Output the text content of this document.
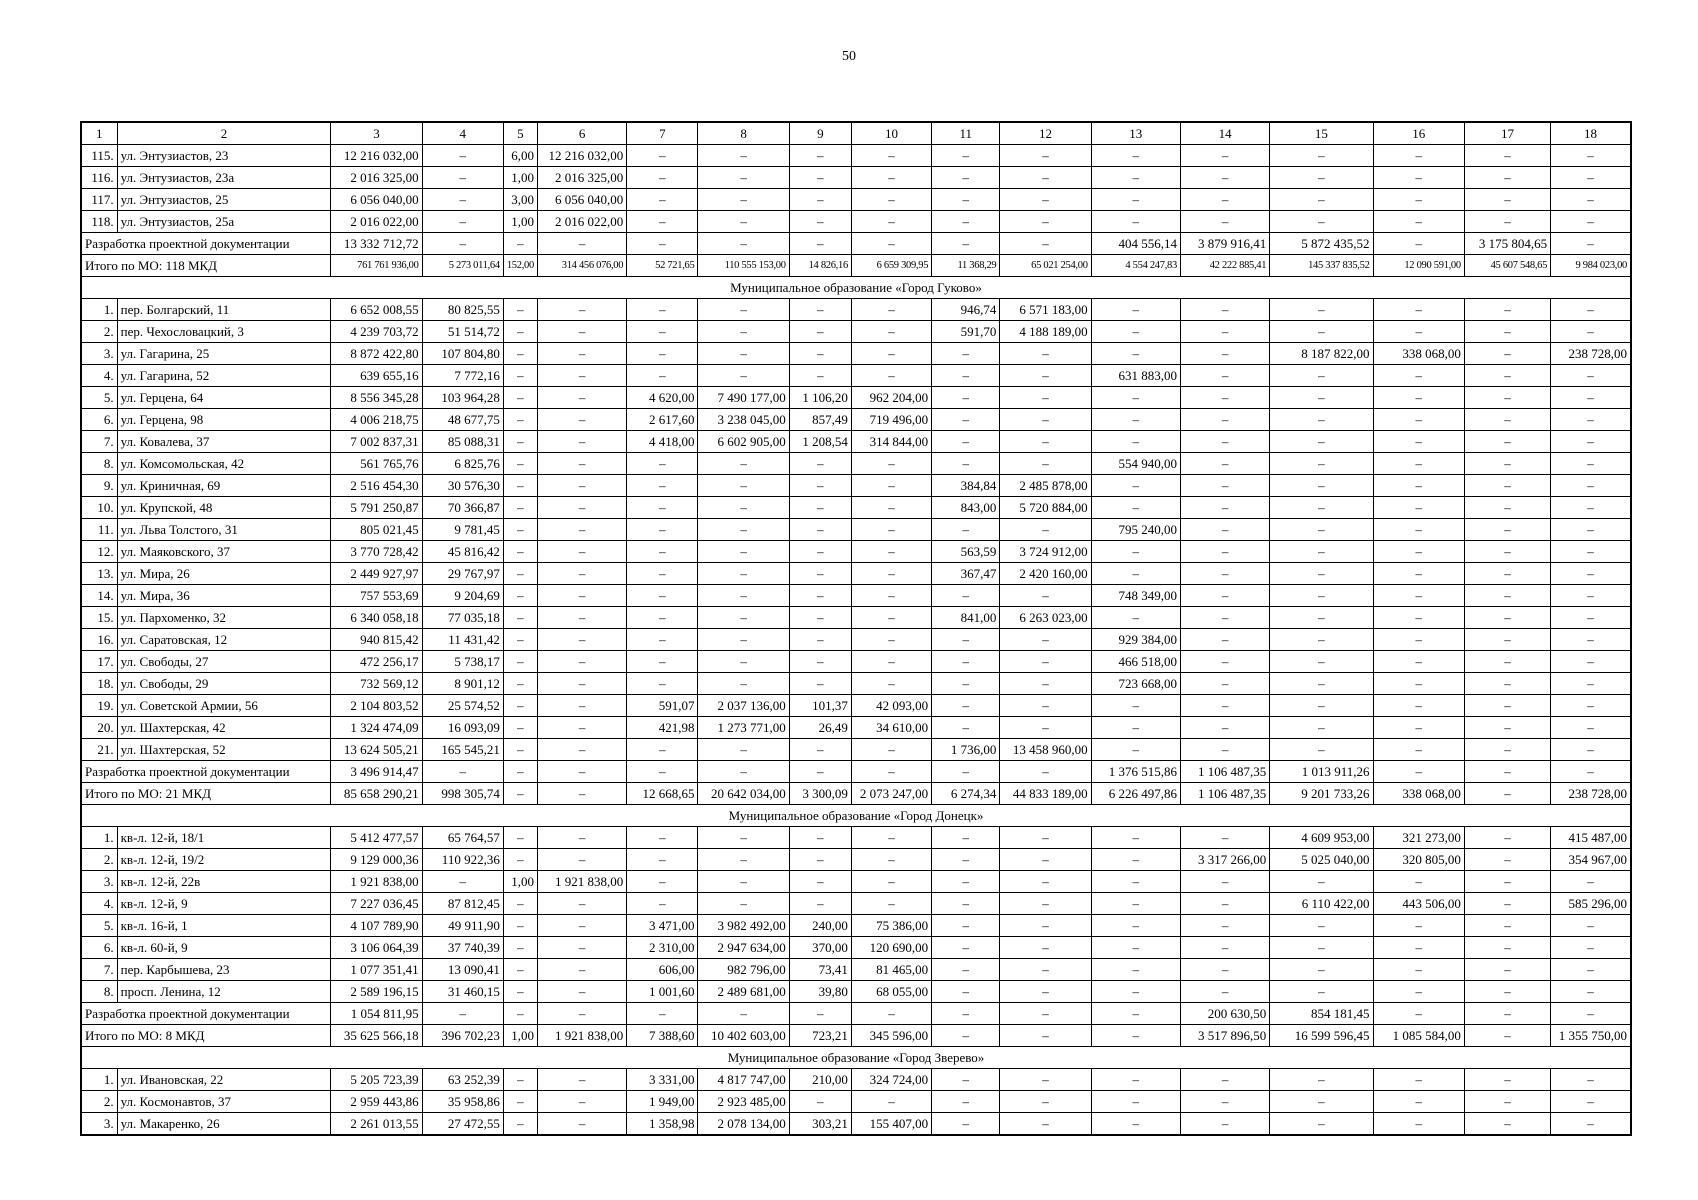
50
1	2	3	4	5	6	7	8	9	10	11	12	13	14	15	16	17	18
115.	ул. Энтузиастов, 23	12 216 032,00	–	6,00	12 216 032,00	–	–	–	–	–	–	–	–	–	–	–	–
116.	ул. Энтузиастов, 23а	2 016 325,00	–	1,00	2 016 325,00	–	–	–	–	–	–	–	–	–	–	–	–
117.	ул. Энтузиастов, 25	6 056 040,00	–	3,00	6 056 040,00	–	–	–	–	–	–	–	–	–	–	–	–
118.	ул. Энтузиастов, 25а	2 016 022,00	–	1,00	2 016 022,00	–	–	–	–	–	–	–	–	–	–	–	–
Разработка проектной документации		13 332 712,72	–	–	–	–	–	–	–	–	–	404 556,14	3 879 916,41	5 872 435,52	–	3 175 804,65	–
Итого по МО: 118 МКД		761 761 936,00	5 273 011,64	152,00	314 456 076,00	52 721,65	110 555 153,00	14 826,16	6 659 309,95	11 368,29	65 021 254,00	4 554 247,83	42 222 885,41	145 337 835,52	12 090 591,00	45 607 548,65	9 984 023,00
Муниципальное образование «Город Гуково»																	
1.	пер. Болгарский, 11	6 652 008,55	80 825,55	–	–	–	–	–	–	946,74	6 571 183,00	–	–	–	–	–	–
2.	пер. Чехословацкий, 3	4 239 703,72	51 514,72	–	–	–	–	–	–	591,70	4 188 189,00	–	–	–	–	–	–
3.	ул. Гагарина, 25	8 872 422,80	107 804,80	–	–	–	–	–	–	–	–	–	–	8 187 822,00	338 068,00	–	238 728,00
4.	ул. Гагарина, 52	639 655,16	7 772,16	–	–	–	–	–	–	–	–	631 883,00	–	–	–	–	–
5.	ул. Герцена, 64	8 556 345,28	103 964,28	–	–	4 620,00	7 490 177,00	1 106,20	962 204,00	–	–	–	–	–	–	–	–
6.	ул. Герцена, 98	4 006 218,75	48 677,75	–	–	2 617,60	3 238 045,00	857,49	719 496,00	–	–	–	–	–	–	–	–
7.	ул. Ковалева, 37	7 002 837,31	85 088,31	–	–	4 418,00	6 602 905,00	1 208,54	314 844,00	–	–	–	–	–	–	–	–
8.	ул. Комсомольская, 42	561 765,76	6 825,76	–	–	–	–	–	–	–	–	554 940,00	–	–	–	–	–
9.	ул. Криничная, 69	2 516 454,30	30 576,30	–	–	–	–	–	–	384,84	2 485 878,00	–	–	–	–	–	–
10.	ул. Крупской, 48	5 791 250,87	70 366,87	–	–	–	–	–	–	843,00	5 720 884,00	–	–	–	–	–	–
11.	ул. Льва Толстого, 31	805 021,45	9 781,45	–	–	–	–	–	–	–	–	795 240,00	–	–	–	–	–
12.	ул. Маяковского, 37	3 770 728,42	45 816,42	–	–	–	–	–	–	563,59	3 724 912,00	–	–	–	–	–	–
13.	ул. Мира, 26	2 449 927,97	29 767,97	–	–	–	–	–	–	367,47	2 420 160,00	–	–	–	–	–	–
14.	ул. Мира, 36	757 553,69	9 204,69	–	–	–	–	–	–	–	–	748 349,00	–	–	–	–	–
15.	ул. Пархоменко, 32	6 340 058,18	77 035,18	–	–	–	–	–	–	841,00	6 263 023,00	–	–	–	–	–	–
16.	ул. Саратовская, 12	940 815,42	11 431,42	–	–	–	–	–	–	–	–	929 384,00	–	–	–	–	–
17.	ул. Свободы, 27	472 256,17	5 738,17	–	–	–	–	–	–	–	–	466 518,00	–	–	–	–	–
18.	ул. Свободы, 29	732 569,12	8 901,12	–	–	–	–	–	–	–	–	723 668,00	–	–	–	–	–
19.	ул. Советской Армии, 56	2 104 803,52	25 574,52	–	–	591,07	2 037 136,00	101,37	42 093,00	–	–	–	–	–	–	–	–
20.	ул. Шахтерская, 42	1 324 474,09	16 093,09	–	–	421,98	1 273 771,00	26,49	34 610,00	–	–	–	–	–	–	–	–
21.	ул. Шахтерская, 52	13 624 505,21	165 545,21	–	–	–	–	–	–	1 736,00	13 458 960,00	–	–	–	–	–	–
Разработка проектной документации		3 496 914,47	–	–	–	–	–	–	–	–	–	1 376 515,86	1 106 487,35	1 013 911,26	–	–	–
Итого по МО: 21 МКД		85 658 290,21	998 305,74	–	–	12 668,65	20 642 034,00	3 300,09	2 073 247,00	6 274,34	44 833 189,00	6 226 497,86	1 106 487,35	9 201 733,26	338 068,00	–	238 728,00
Муниципальное образование «Город Донецк»																	
1.	кв-л. 12-й, 18/1	5 412 477,57	65 764,57	–	–	–	–	–	–	–	–	–	–	4 609 953,00	321 273,00	–	415 487,00
2.	кв-л. 12-й, 19/2	9 129 000,36	110 922,36	–	–	–	–	–	–	–	–	–	3 317 266,00	5 025 040,00	320 805,00	–	354 967,00
3.	кв-л. 12-й, 22в	1 921 838,00	–	1,00	1 921 838,00	–	–	–	–	–	–	–	–	–	–	–	–
4.	кв-л. 12-й, 9	7 227 036,45	87 812,45	–	–	–	–	–	–	–	–	–	–	6 110 422,00	443 506,00	–	585 296,00
5.	кв-л. 16-й, 1	4 107 789,90	49 911,90	–	–	3 471,00	3 982 492,00	240,00	75 386,00	–	–	–	–	–	–	–	–
6.	кв-л. 60-й, 9	3 106 064,39	37 740,39	–	–	2 310,00	2 947 634,00	370,00	120 690,00	–	–	–	–	–	–	–	–
7.	пер. Карбышева, 23	1 077 351,41	13 090,41	–	–	606,00	982 796,00	73,41	81 465,00	–	–	–	–	–	–	–	–
8.	просп. Ленина, 12	2 589 196,15	31 460,15	–	–	1 001,60	2 489 681,00	39,80	68 055,00	–	–	–	–	–	–	–	–
Разработка проектной документации		1 054 811,95	–	–	–	–	–	–	–	–	–	–	200 630,50	854 181,45	–	–	–
Итого по МО: 8 МКД		35 625 566,18	396 702,23	1,00	1 921 838,00	7 388,60	10 402 603,00	723,21	345 596,00	–	–	–	3 517 896,50	16 599 596,45	1 085 584,00	–	1 355 750,00
Муниципальное образование «Город Зверево»																	
1.	ул. Ивановская, 22	5 205 723,39	63 252,39	–	–	3 331,00	4 817 747,00	210,00	324 724,00	–	–	–	–	–	–	–	–
2.	ул. Космонавтов, 37	2 959 443,86	35 958,86	–	–	1 949,00	2 923 485,00	–	–	–	–	–	–	–	–	–	–
3.	ул. Макаренко, 26	2 261 013,55	27 472,55	–	–	1 358,98	2 078 134,00	303,21	155 407,00	–	–	–	–	–	–	–	–
